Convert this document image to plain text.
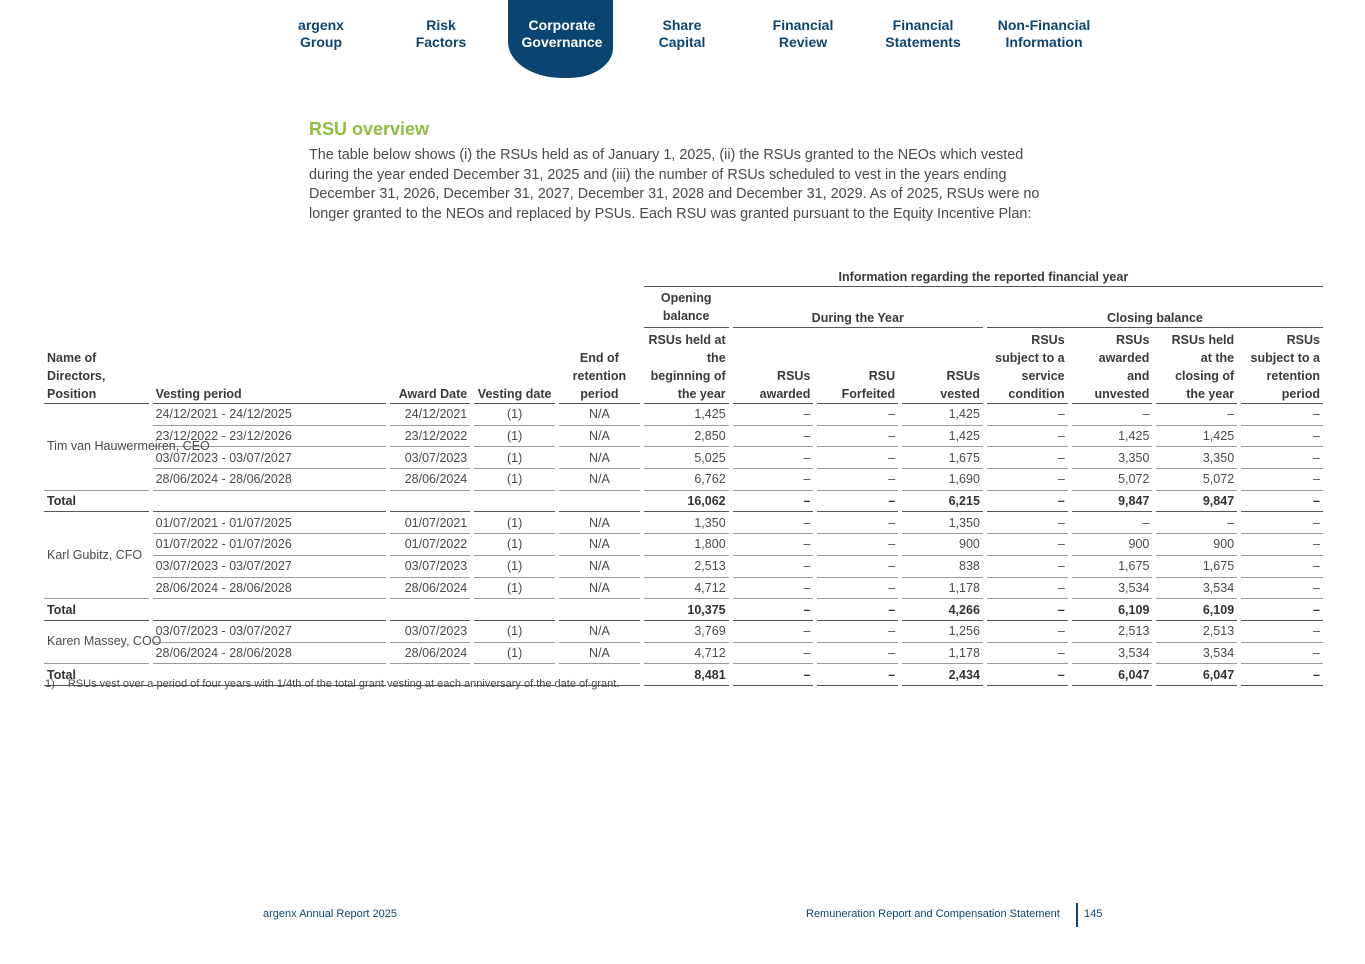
argenx
Group
Risk
Factors
Corporate
Governance
Share
Capital
Financial
Review
Financial
Statements
Non-Financial
Information
RSU overview
The table below shows (i) the RSUs held as of January 1, 2025, (ii) the RSUs granted to the NEOs which vested during the year ended December 31, 2025 and (iii) the number of RSUs scheduled to vest in the years ending December 31, 2026, December 31, 2027, December 31, 2028 and December 31, 2029. As of 2025, RSUs were no longer granted to the NEOs and replaced by PSUs. Each RSU was granted pursuant to the Equity Incentive Plan:
					Information regarding the reported financial year							
					Opening balance	During the Year			Closing balance			
Name of Directors, Position	Vesting period	Award Date	Vesting date	End of retention period	RSUs held at the beginning of the year	RSUs awarded	RSU Forfeited	RSUs vested	RSUs subject to a service condition	RSUs awarded and unvested	RSUs held at the closing of the year	RSUs subject to a retention period
Tim van Hauwermeiren, CEO	24/12/2021 - 24/12/2025	24/12/2021	(1)	N/A	1,425	–	–	1,425	–	–	–	–
	23/12/2022 - 23/12/2026	23/12/2022	(1)	N/A	2,850	–	–	1,425	–	1,425	1,425	–
	03/07/2023 - 03/07/2027	03/07/2023	(1)	N/A	5,025	–	–	1,675	–	3,350	3,350	–
	28/06/2024 - 28/06/2028	28/06/2024	(1)	N/A	6,762	–	–	1,690	–	5,072	5,072	–
Total					16,062	–	–	6,215	–	9,847	9,847	–
Karl Gubitz, CFO	01/07/2021 - 01/07/2025	01/07/2021	(1)	N/A	1,350	–	–	1,350	–	–	–	–
	01/07/2022 - 01/07/2026	01/07/2022	(1)	N/A	1,800	–	–	900	–	900	900	–
	03/07/2023 - 03/07/2027	03/07/2023	(1)	N/A	2,513	–	–	838	–	1,675	1,675	–
	28/06/2024 - 28/06/2028	28/06/2024	(1)	N/A	4,712	–	–	1,178	–	3,534	3,534	–
Total					10,375	–	–	4,266	–	6,109	6,109	–
Karen Massey, COO	03/07/2023 - 03/07/2027	03/07/2023	(1)	N/A	3,769	–	–	1,256	–	2,513	2,513	–
	28/06/2024 - 28/06/2028	28/06/2024	(1)	N/A	4,712	–	–	1,178	–	3,534	3,534	–
Total					8,481	–	–	2,434	–	6,047	6,047	–
1) RSUs vest over a period of four years with 1/4th of the total grant vesting at each anniversary of the date of grant.
argenx Annual Report 2025	Remuneration Report and Compensation Statement 145
